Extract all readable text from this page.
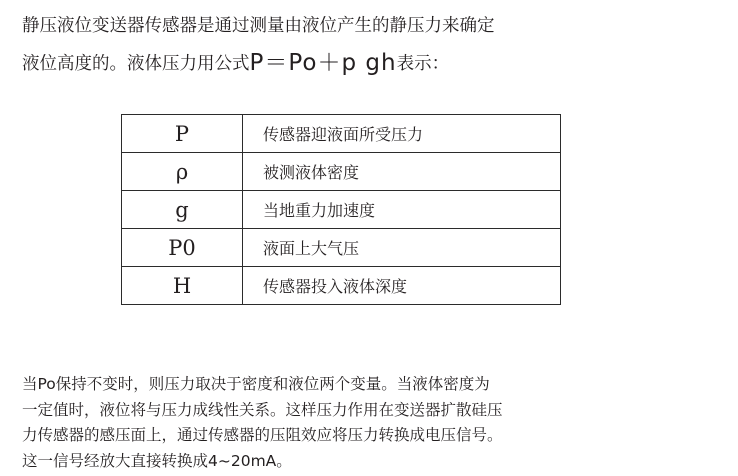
静压液位变送器传感器是通过测量由液位产生的静压力来确定
液位高度的。液体压力用公式P＝Po＋p gh表示：
P	传感器迎液面所受压力
ρ	被测液体密度
g	当地重力加速度
P0	液面上大气压
H	传感器投入液体深度
当Po保持不变时，则压力取决于密度和液位两个变量。当液体密度为
一定值时，液位将与压力成线性关系。这样压力作用在变送器扩散硅压
力传感器的感压面上，通过传感器的压阻效应将压力转换成电压信号。
这一信号经放大直接转换成4~20mA。
